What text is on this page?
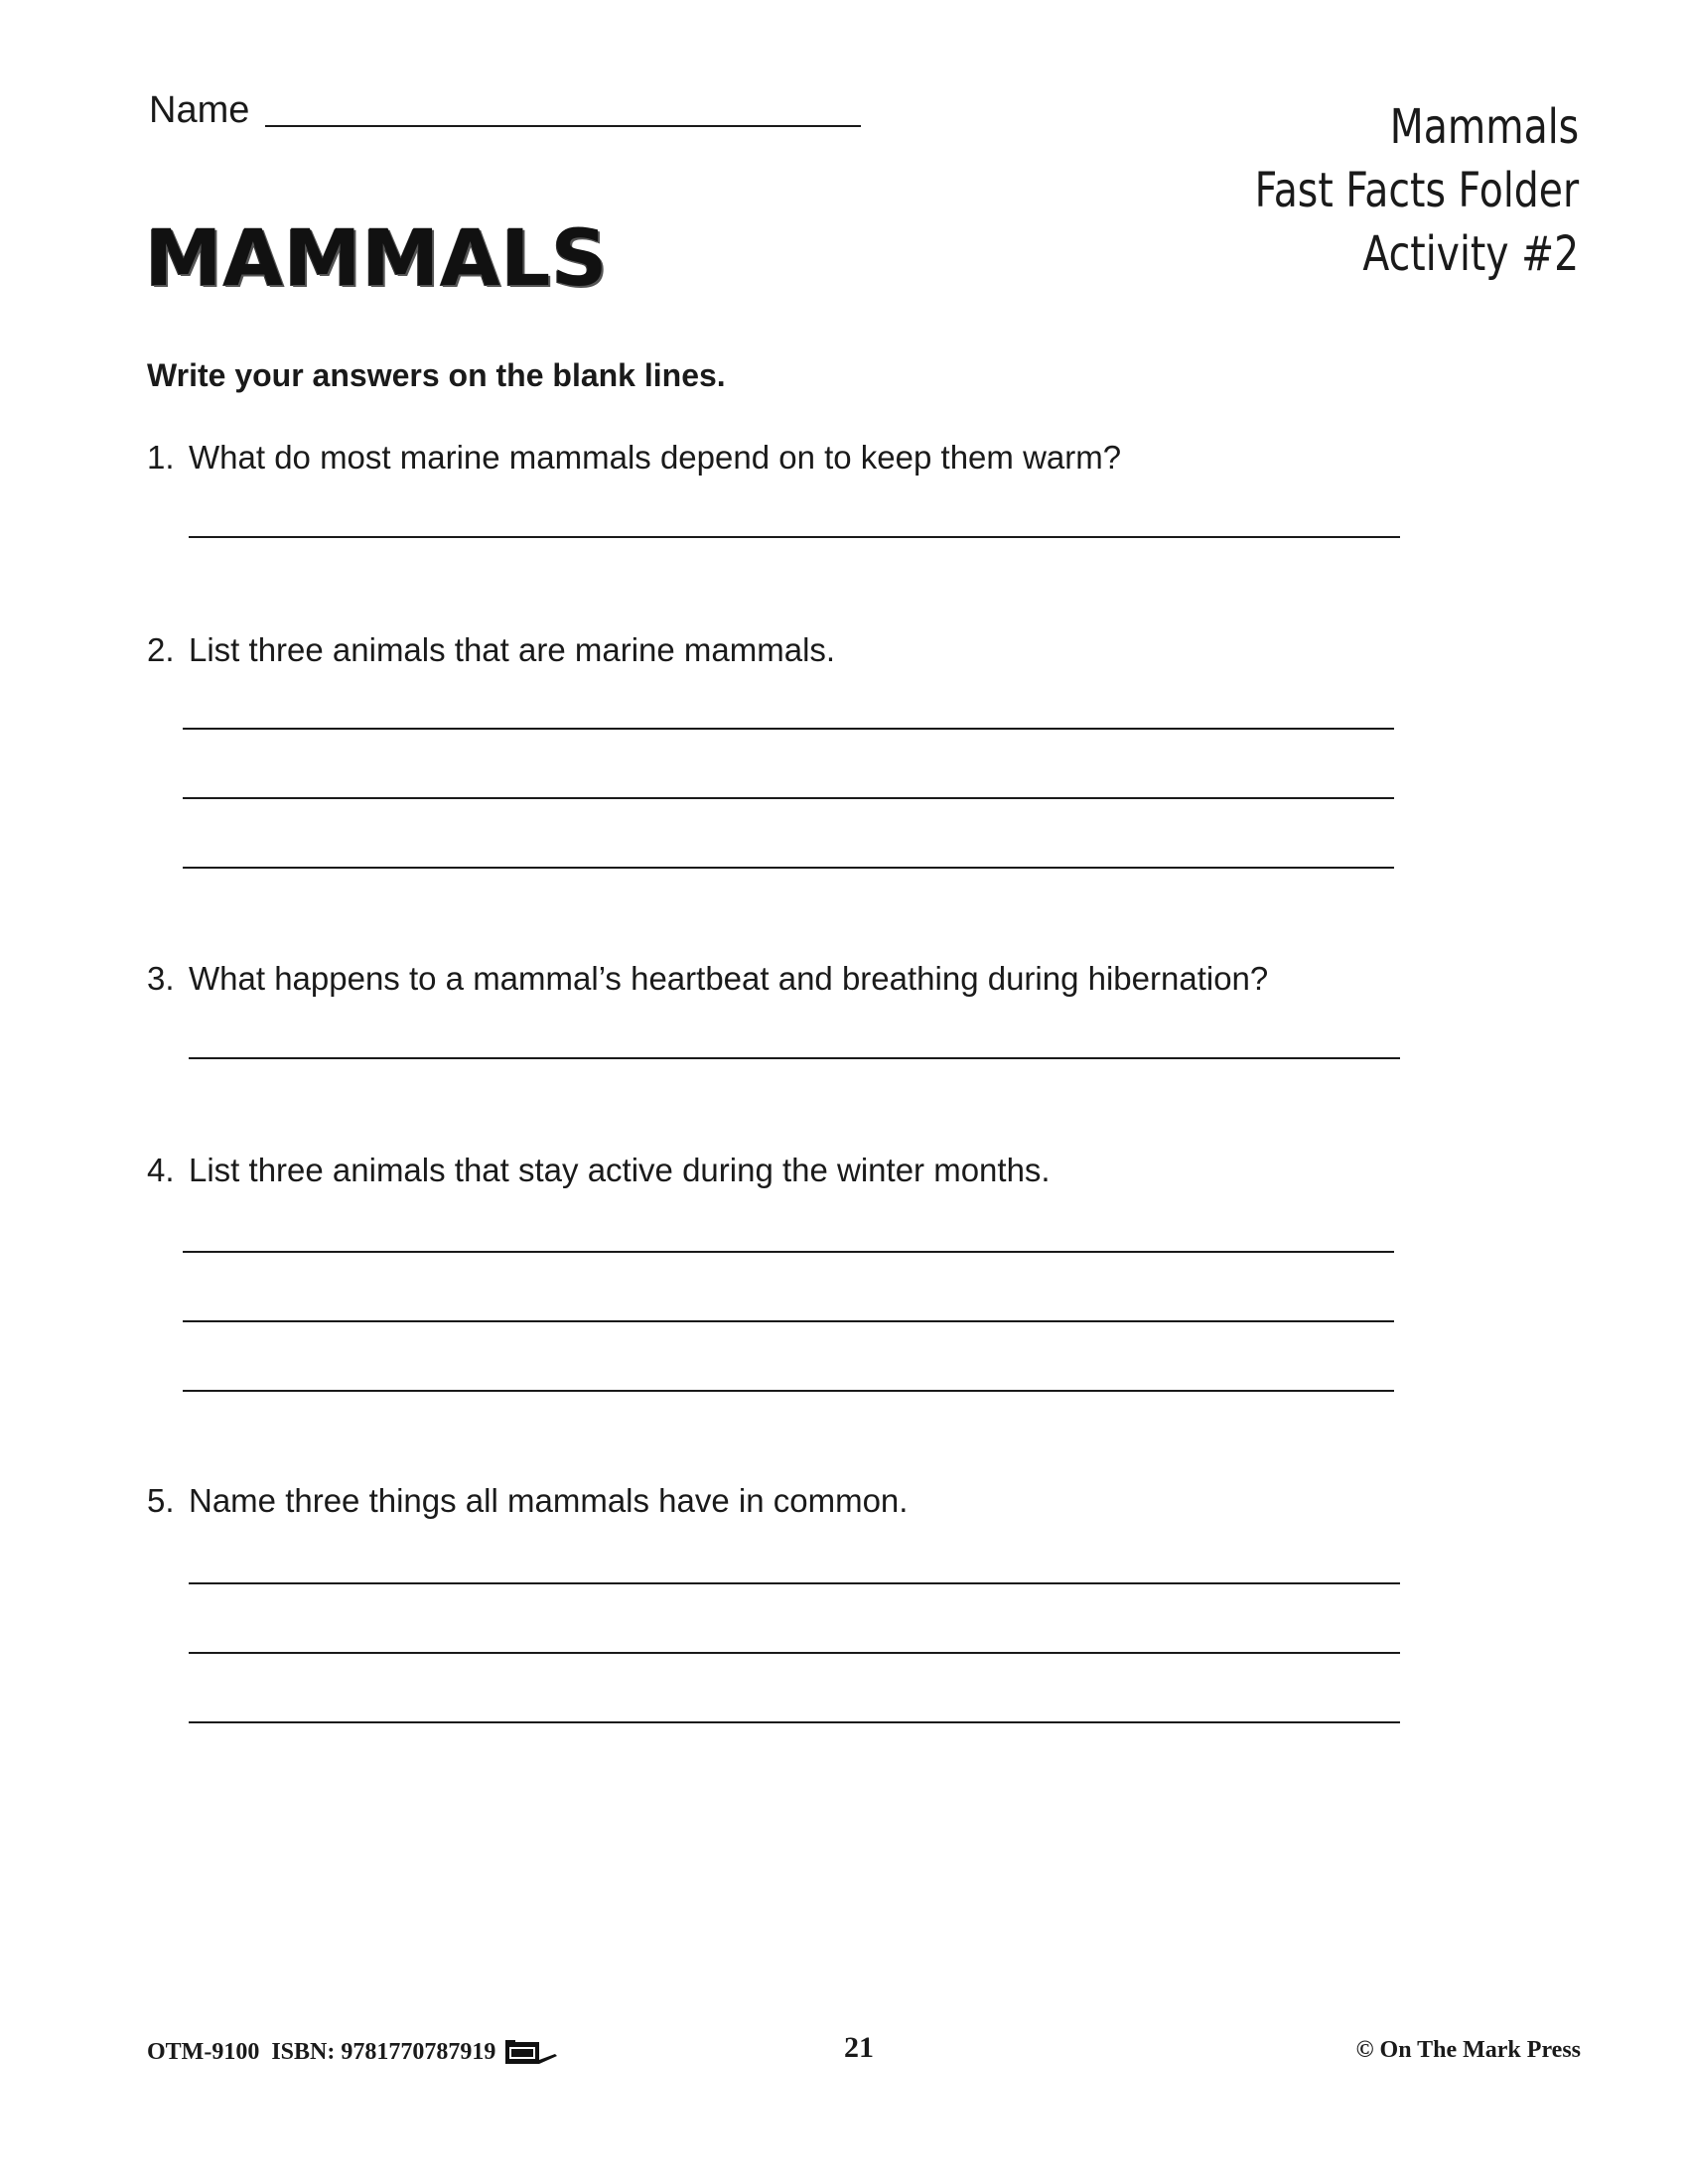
Name
MAMMALS
Mammals
Fast Facts Folder
Activity #2
Write your answers on the blank lines.
1. What do most marine mammals depend on to keep them warm?
2. List three animals that are marine mammals.
3. What happens to a mammal’s heartbeat and breathing during hibernation?
4. List three animals that stay active during the winter months.
5. Name three things all mammals have in common.
OTM-9100 ISBN: 9781770787919	21	© On The Mark Press
